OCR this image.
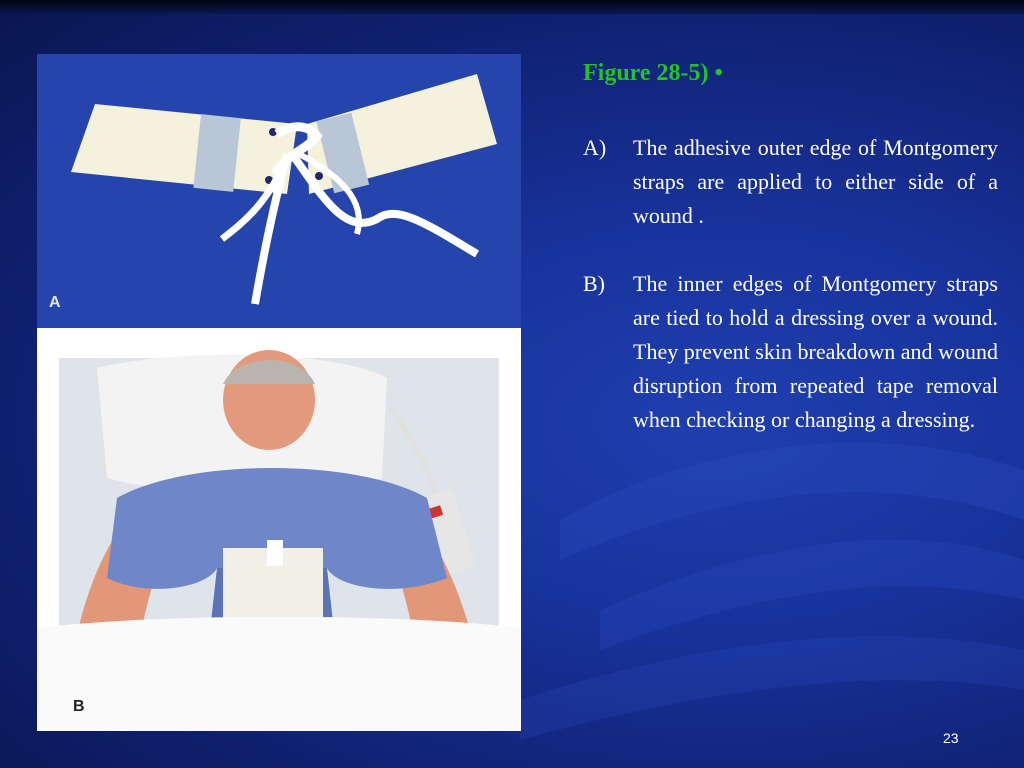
A
B
Figure 28-5) •
A)	The adhesive outer edge of Montgomery straps are applied to either side of a wound .
B)	The inner edges of Montgomery straps are tied to hold a dressing over a wound. They prevent skin breakdown and wound disruption from repeated tape removal when checking or changing a dressing.
23
